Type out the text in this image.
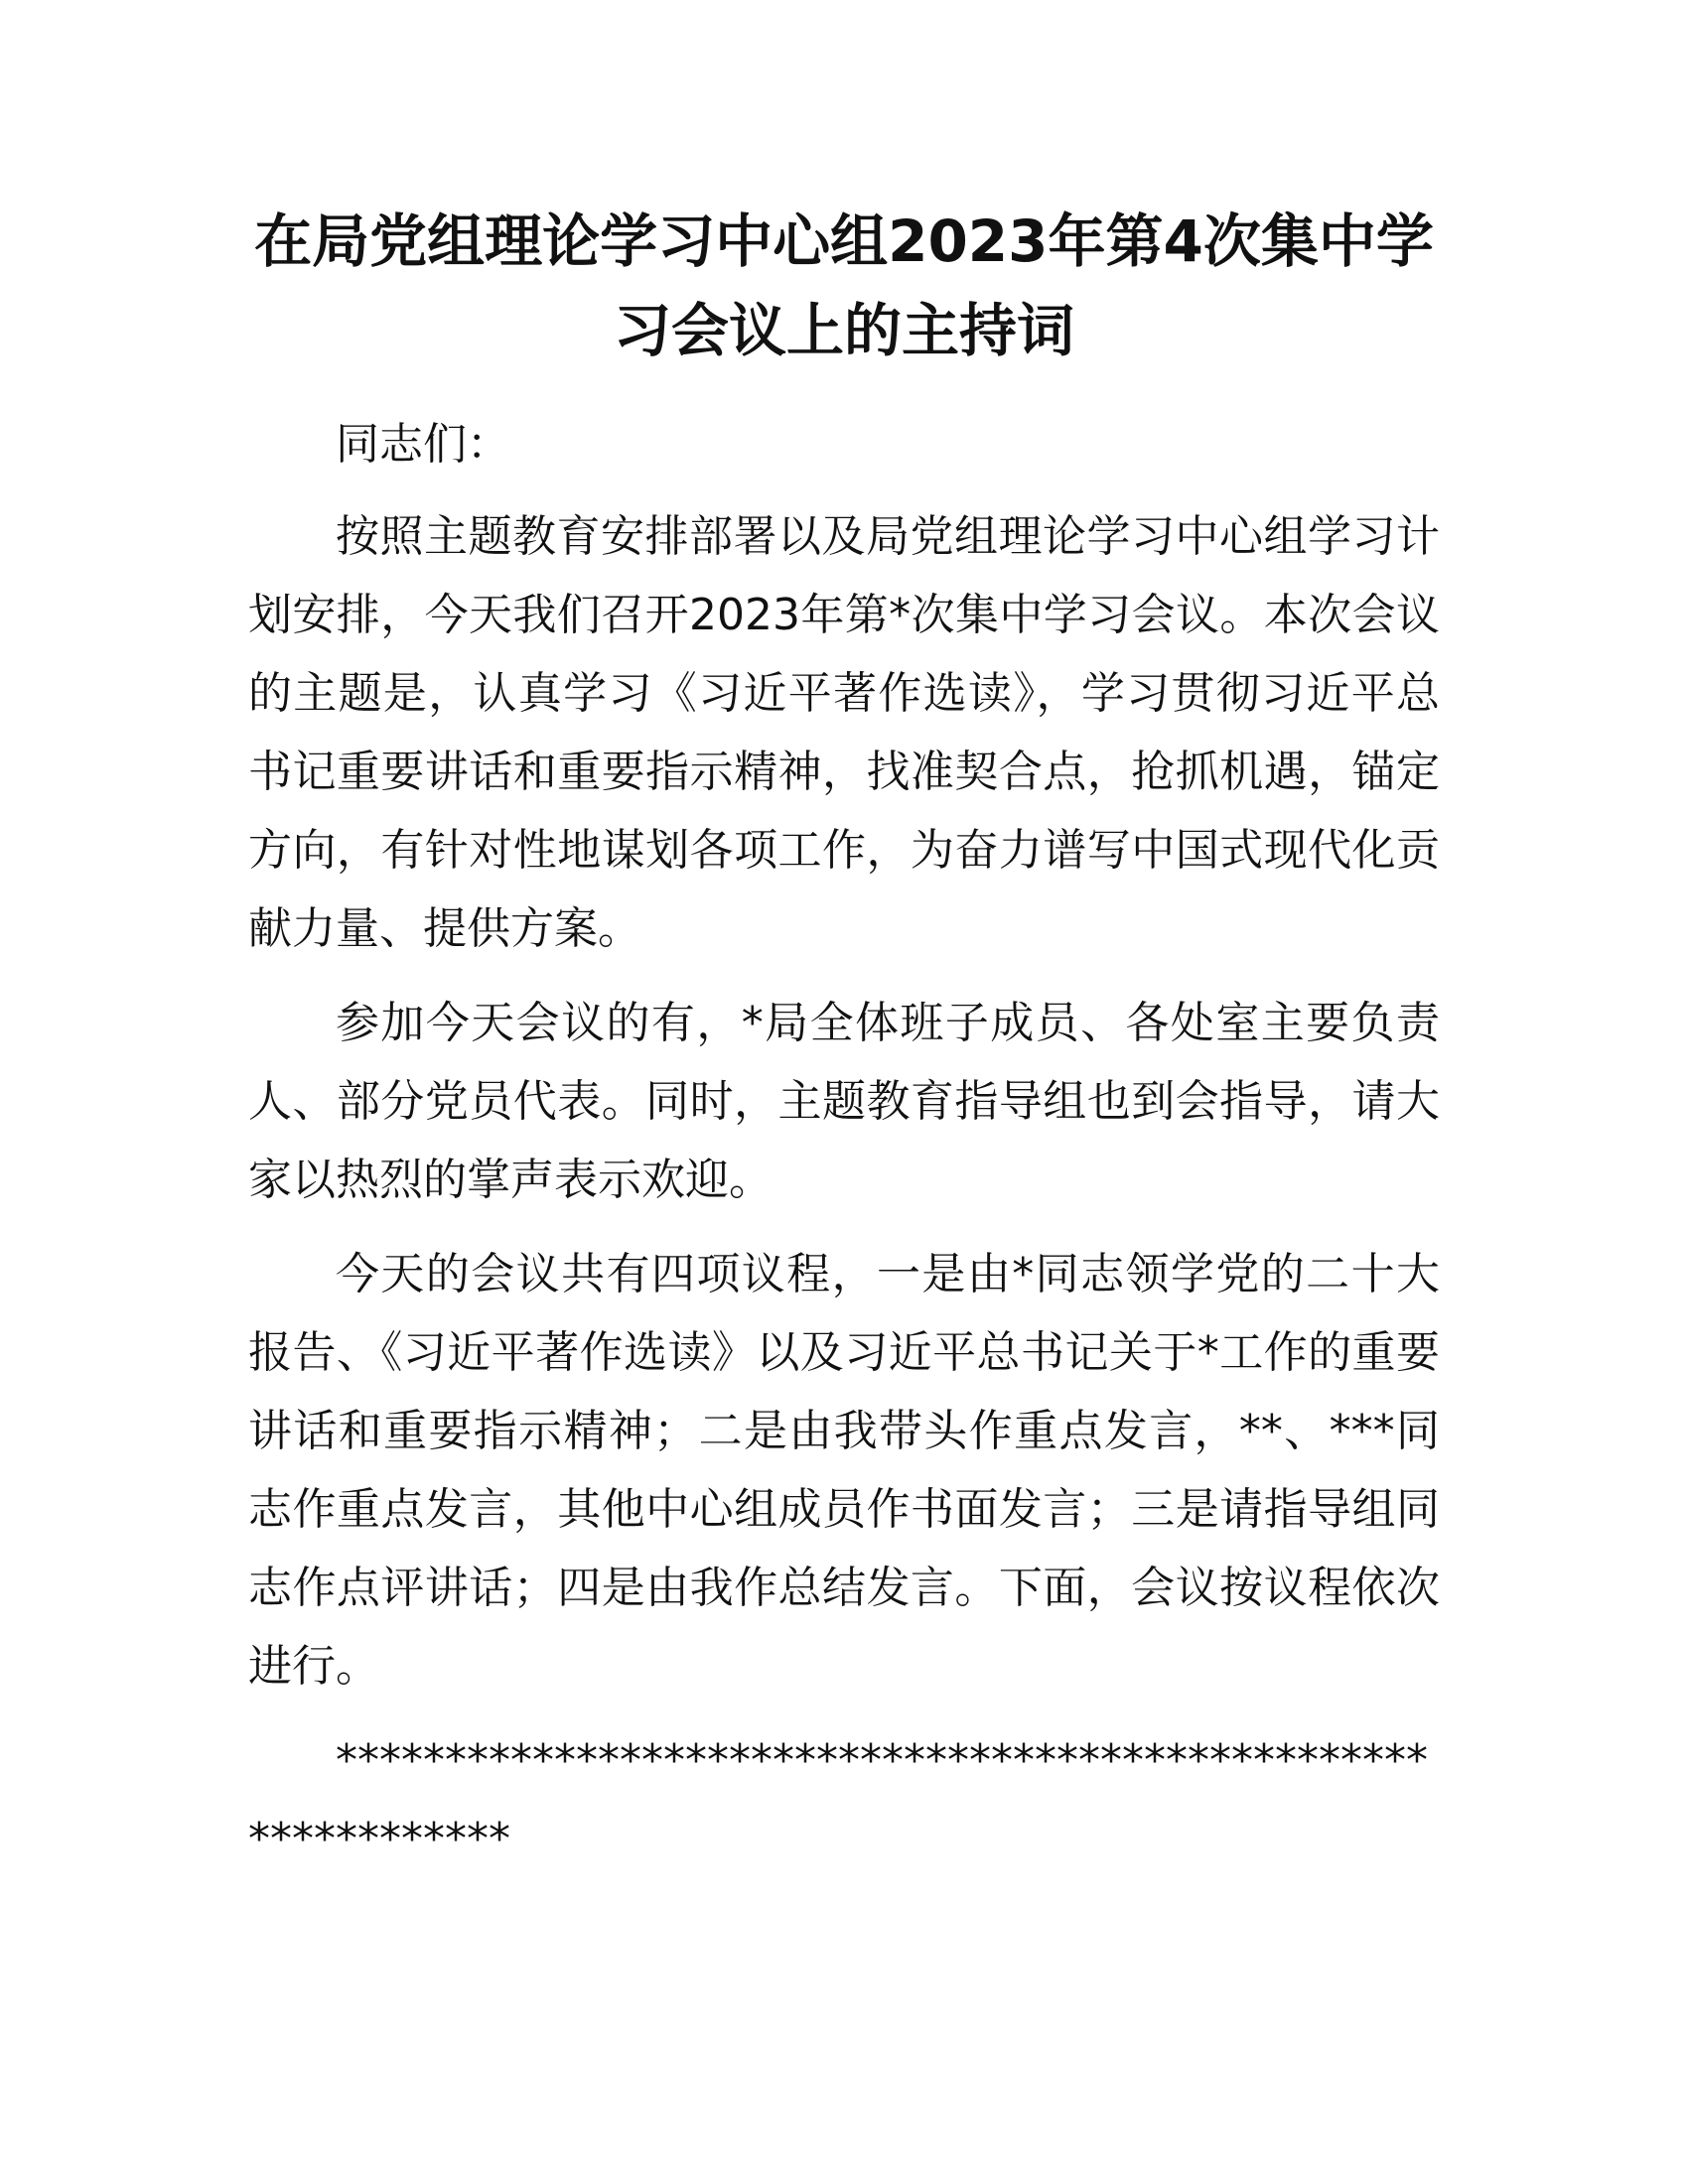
在局党组理论学习中心组2023年第4次集中学习会议上的主持词

同志们：

按照主题教育安排部署以及局党组理论学习中心组学习计划安排，今天我们召开2023年第*次集中学习会议。本次会议的主题是，认真学习《习近平著作选读》，学习贯彻习近平总书记重要讲话和重要指示精神，找准契合点，抢抓机遇，锚定方向，有针对性地谋划各项工作，为奋力谱写中国式现代化贡献力量、提供方案。

参加今天会议的有，*局全体班子成员、各处室主要负责人、部分党员代表。同时，主题教育指导组也到会指导，请大家以热烈的掌声表示欢迎。

今天的会议共有四项议程，一是由*同志领学党的二十大报告、《习近平著作选读》以及习近平总书记关于*工作的重要讲话和重要指示精神；二是由我带头作重点发言，**、***同志作重点发言，其他中心组成员作书面发言；三是请指导组同志作点评讲话；四是由我作总结发言。下面，会议按议程依次进行。

**************************************************************
